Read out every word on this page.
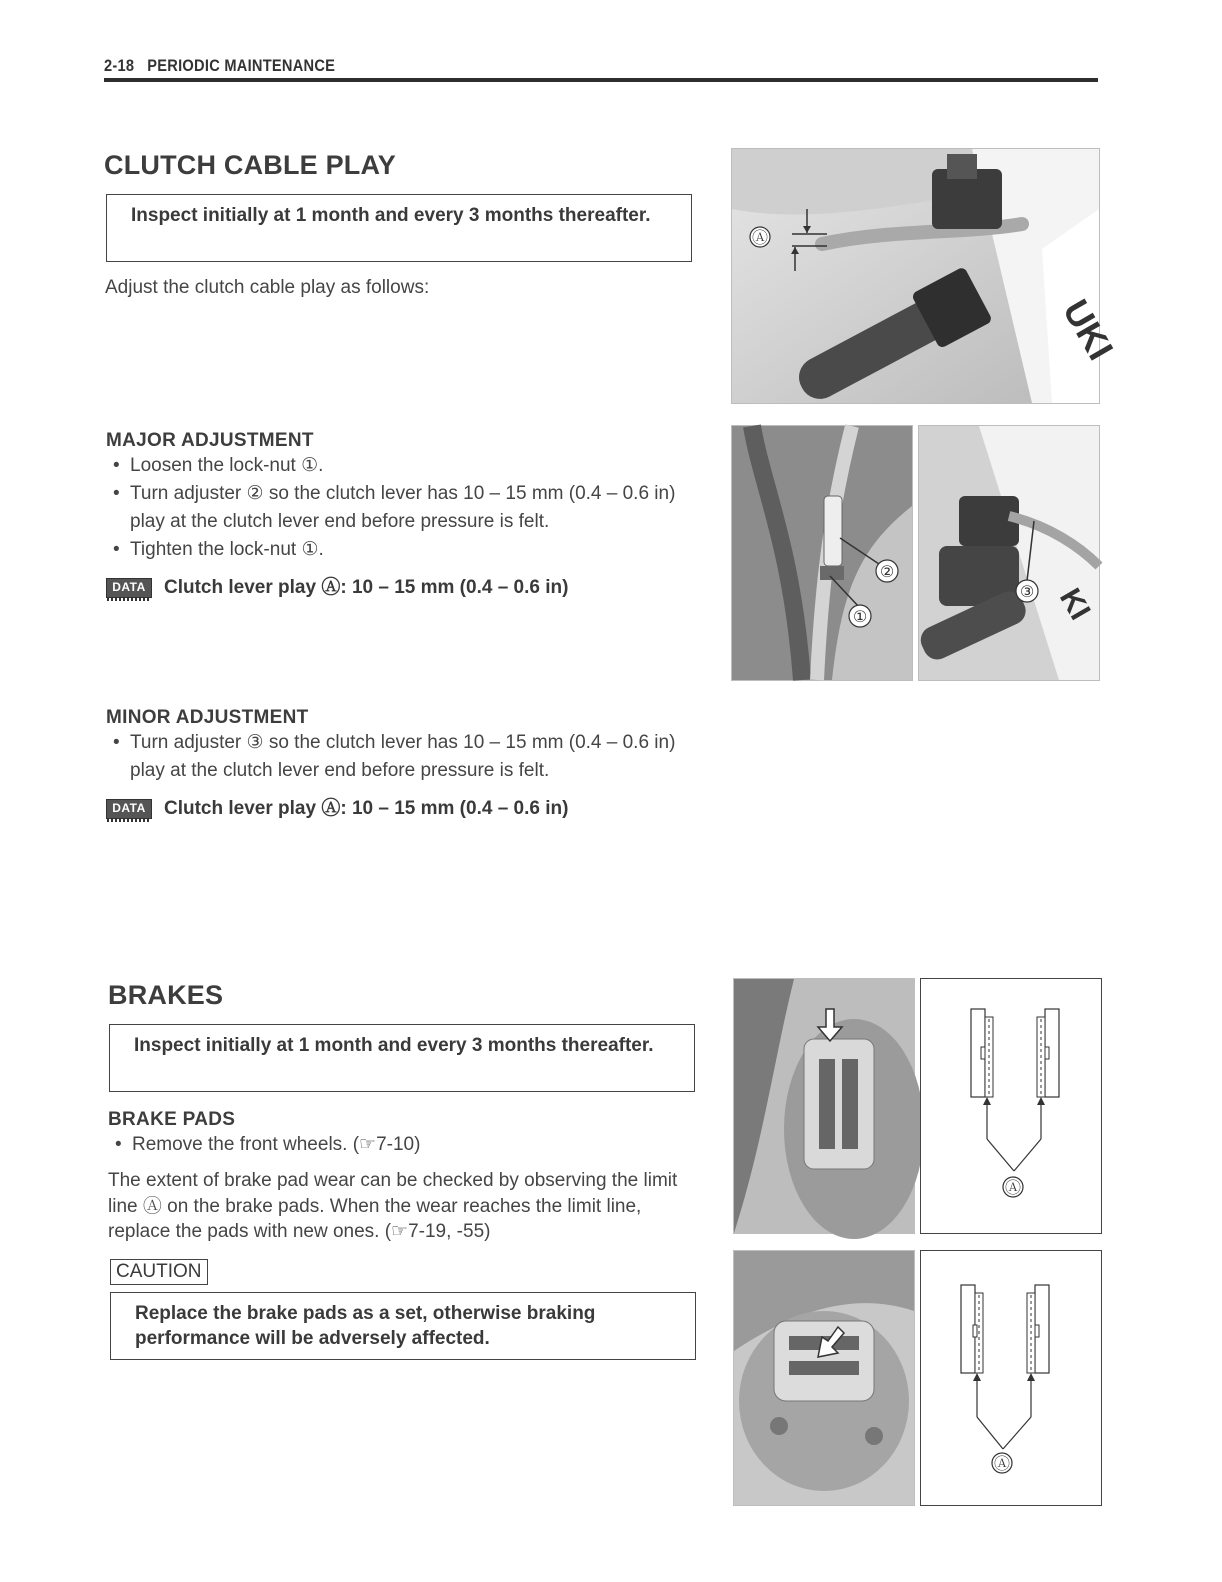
2-18 PERIODIC MAINTENANCE
CLUTCH CABLE PLAY
Inspect initially at 1 month and every 3 months thereafter.
Adjust the clutch cable play as follows:
MAJOR ADJUSTMENT
• Loosen the lock-nut ①.
• Turn adjuster ② so the clutch lever has 10 – 15 mm (0.4 – 0.6 in) play at the clutch lever end before pressure is felt.
• Tighten the lock-nut ①.
DATA Clutch lever play Ⓐ: 10 – 15 mm (0.4 – 0.6 in)
MINOR ADJUSTMENT
• Turn adjuster ③ so the clutch lever has 10 – 15 mm (0.4 – 0.6 in) play at the clutch lever end before pressure is felt.
DATA Clutch lever play Ⓐ: 10 – 15 mm (0.4 – 0.6 in)
UKI
Ⓐ
②
①
③ KI
BRAKES
Inspect initially at 1 month and every 3 months thereafter.
BRAKE PADS
• Remove the front wheels. (☞7-10)
The extent of brake pad wear can be checked by observing the limit line Ⓐ on the brake pads. When the wear reaches the limit line, replace the pads with new ones. (☞7-19, -55)
CAUTION
Replace the brake pads as a set, otherwise braking performance will be adversely affected.
Ⓐ
Ⓐ
